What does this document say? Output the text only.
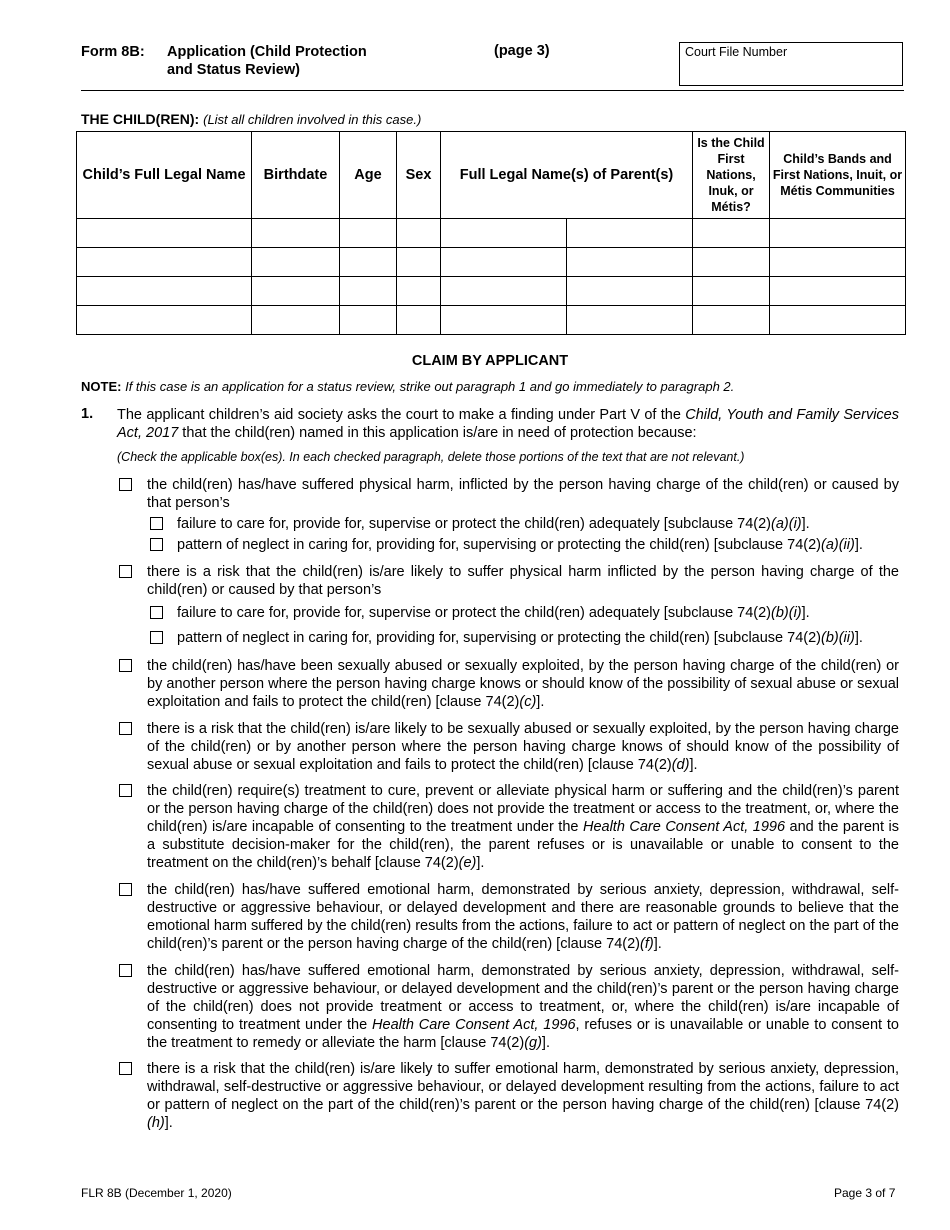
Form 8B: Application (Child Protection
and Status Review)
(page 3)	Court File Number
THE CHILD(REN): (List all children involved in this case.)
Child’s Full Legal Name	Birthdate	Age	Sex	Full Legal Name(s) of Parent(s)		Is the Child First Nations, Inuk, or Métis?	Child’s Bands and First Nations, Inuit, or Métis Communities

CLAIM BY APPLICANT
NOTE: If this case is an application for a status review, strike out paragraph 1 and go immediately to paragraph 2.
1. The applicant children’s aid society asks the court to make a finding under Part V of the Child, Youth and Family Services Act, 2017 that the child(ren) named in this application is/are in need of protection because:
(Check the applicable box(es). In each checked paragraph, delete those portions of the text that are not relevant.)
the child(ren) has/have suffered physical harm, inflicted by the person having charge of the child(ren) or caused by that person’s
failure to care for, provide for, supervise or protect the child(ren) adequately [subclause 74(2)(a)(i)].
pattern of neglect in caring for, providing for, supervising or protecting the child(ren) [subclause 74(2)(a)(ii)].
there is a risk that the child(ren) is/are likely to suffer physical harm inflicted by the person having charge of the child(ren) or caused by that person’s
failure to care for, provide for, supervise or protect the child(ren) adequately [subclause 74(2)(b)(i)].
pattern of neglect in caring for, providing for, supervising or protecting the child(ren) [subclause 74(2)(b)(ii)].
the child(ren) has/have been sexually abused or sexually exploited, by the person having charge of the child(ren) or by another person where the person having charge knows or should know of the possibility of sexual abuse or sexual exploitation and fails to protect the child(ren) [clause 74(2)(c)].
there is a risk that the child(ren) is/are likely to be sexually abused or sexually exploited, by the person having charge of the child(ren) or by another person where the person having charge knows of should know of the possibility of sexual abuse or sexual exploitation and fails to protect the child(ren) [clause 74(2)(d)].
the child(ren) require(s) treatment to cure, prevent or alleviate physical harm or suffering and the child(ren)’s parent or the person having charge of the child(ren) does not provide the treatment or access to the treatment, or, where the child(ren) is/are incapable of consenting to the treatment under the Health Care Consent Act, 1996 and the parent is a substitute decision-maker for the child(ren), the parent refuses or is unavailable or unable to consent to the treatment on the child(ren)’s behalf [clause 74(2)(e)].
the child(ren) has/have suffered emotional harm, demonstrated by serious anxiety, depression, withdrawal, self-destructive or aggressive behaviour, or delayed development and there are reasonable grounds to believe that the emotional harm suffered by the child(ren) results from the actions, failure to act or pattern of neglect on the part of the child(ren)’s parent or the person having charge of the child(ren) [clause 74(2)(f)].
the child(ren) has/have suffered emotional harm, demonstrated by serious anxiety, depression, withdrawal, self-destructive or aggressive behaviour, or delayed development and the child(ren)’s parent or the person having charge of the child(ren) does not provide treatment or access to treatment, or, where the child(ren) is/are incapable of consenting to treatment under the Health Care Consent Act, 1996, refuses or is unavailable or unable to consent to the treatment to remedy or alleviate the harm [clause 74(2)(g)].
there is a risk that the child(ren) is/are likely to suffer emotional harm, demonstrated by serious anxiety, depression, withdrawal, self-destructive or aggressive behaviour, or delayed development resulting from the actions, failure to act or pattern of neglect on the part of the child(ren)’s parent or the person having charge of the child(ren) [clause 74(2)(h)].
FLR 8B (December 1, 2020)	Page 3 of 7
